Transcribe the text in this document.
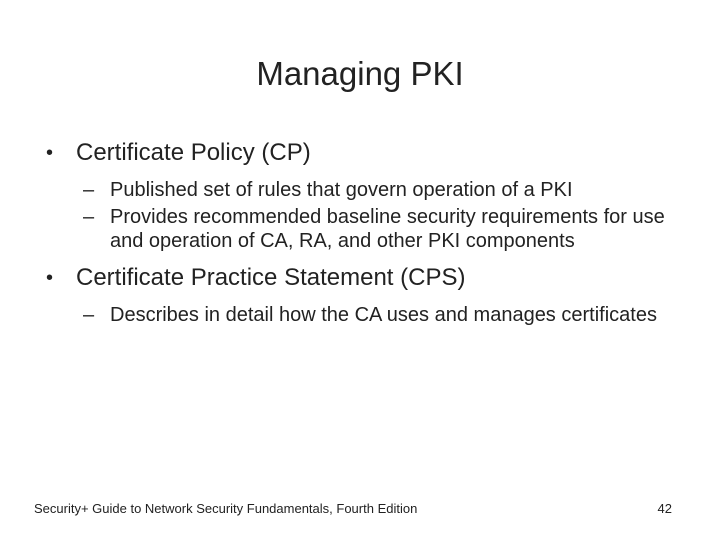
Managing PKI

• Certificate Policy (CP)

– Published set of rules that govern operation of a PKI
– Provides recommended baseline security requirements for use and operation of CA, RA, and other PKI components

• Certificate Practice Statement (CPS)

– Describes in detail how the CA uses and manages certificates

Security+ Guide to Network Security Fundamentals, Fourth Edition	42
